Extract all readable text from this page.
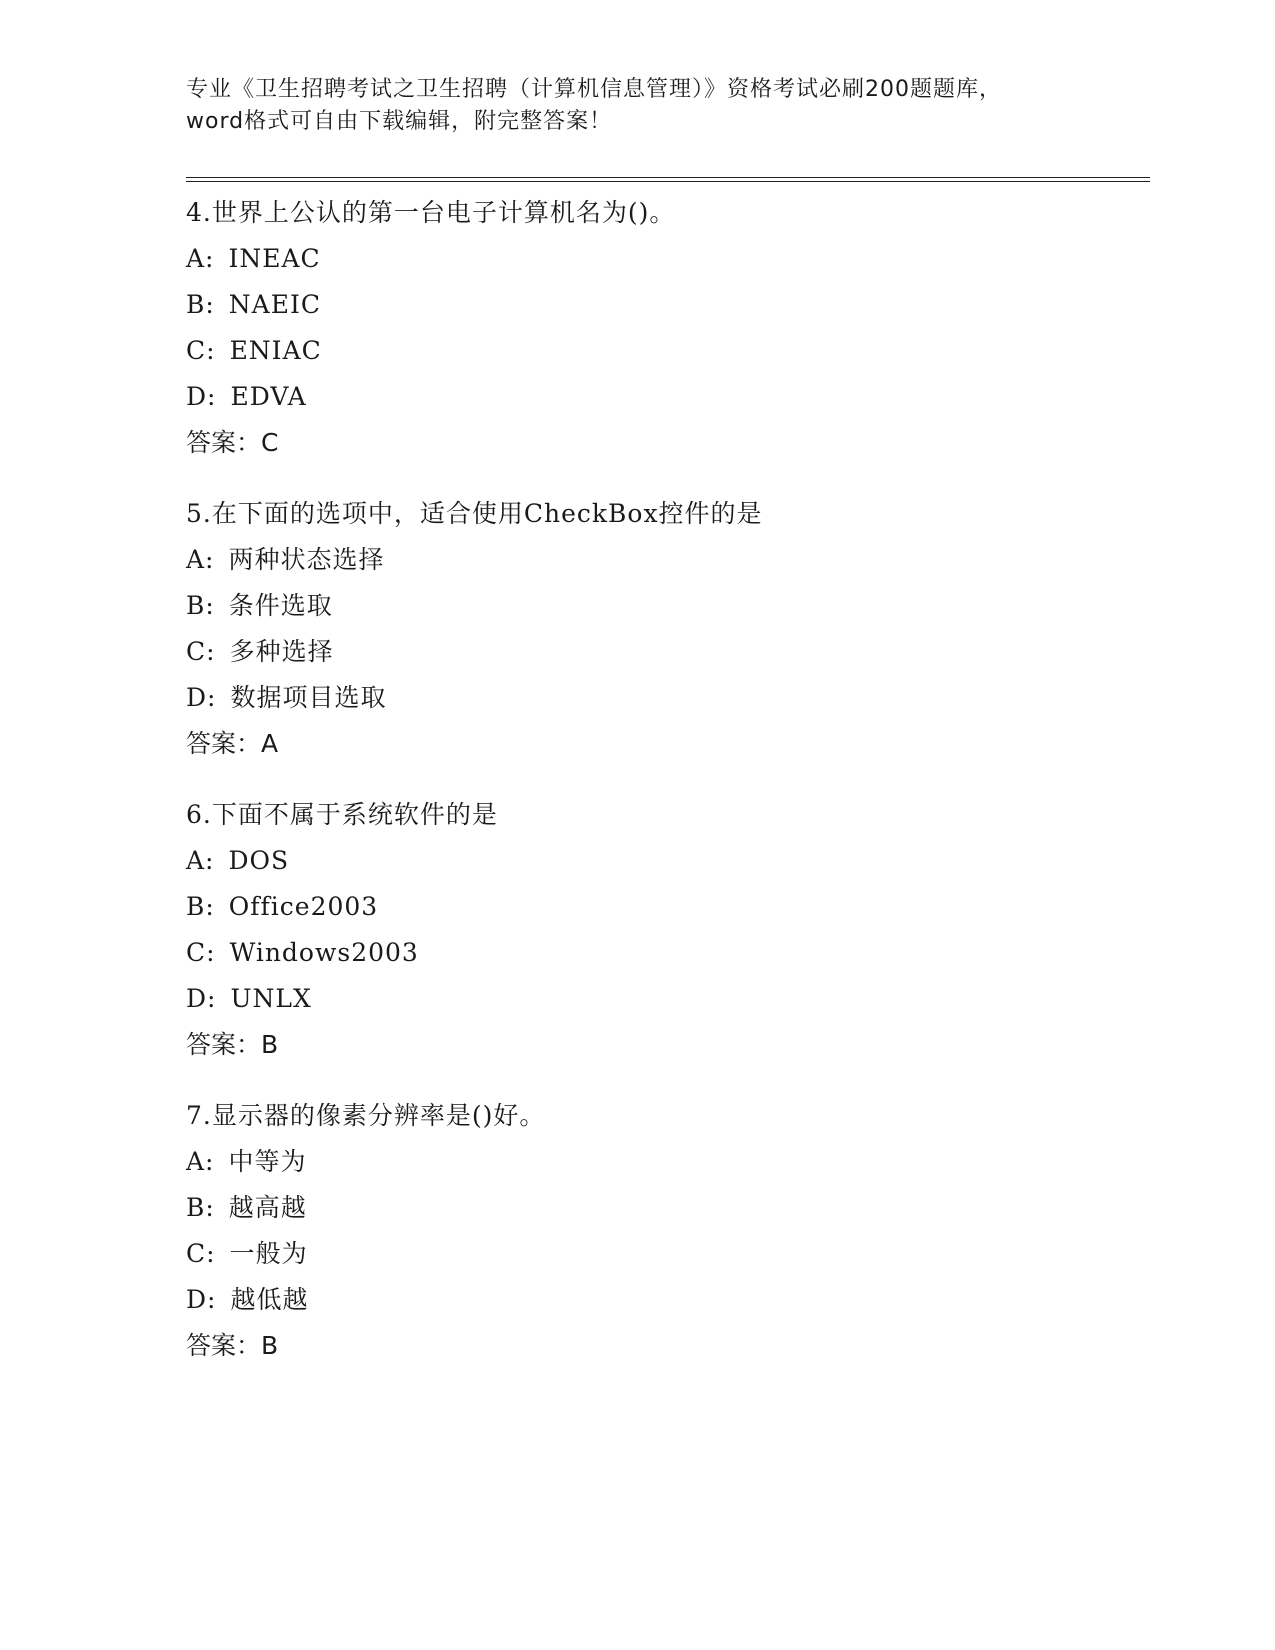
专业《卫生招聘考试之卫生招聘（计算机信息管理）》资格考试必刷200题题库，
word格式可自由下载编辑，附完整答案！
4.世界上公认的第一台电子计算机名为()。
A: INEAC
B: NAEIC
C: ENIAC
D: EDVA
答案：C
5.在下面的选项中，适合使用CheckBox控件的是
A: 两种状态选择
B: 条件选取
C: 多种选择
D: 数据项目选取
答案：A
6.下面不属于系统软件的是
A: DOS
B: Office2003
C: Windows2003
D: UNLX
答案：B
7.显示器的像素分辨率是()好。
A: 中等为
B: 越高越
C: 一般为
D: 越低越
答案：B
